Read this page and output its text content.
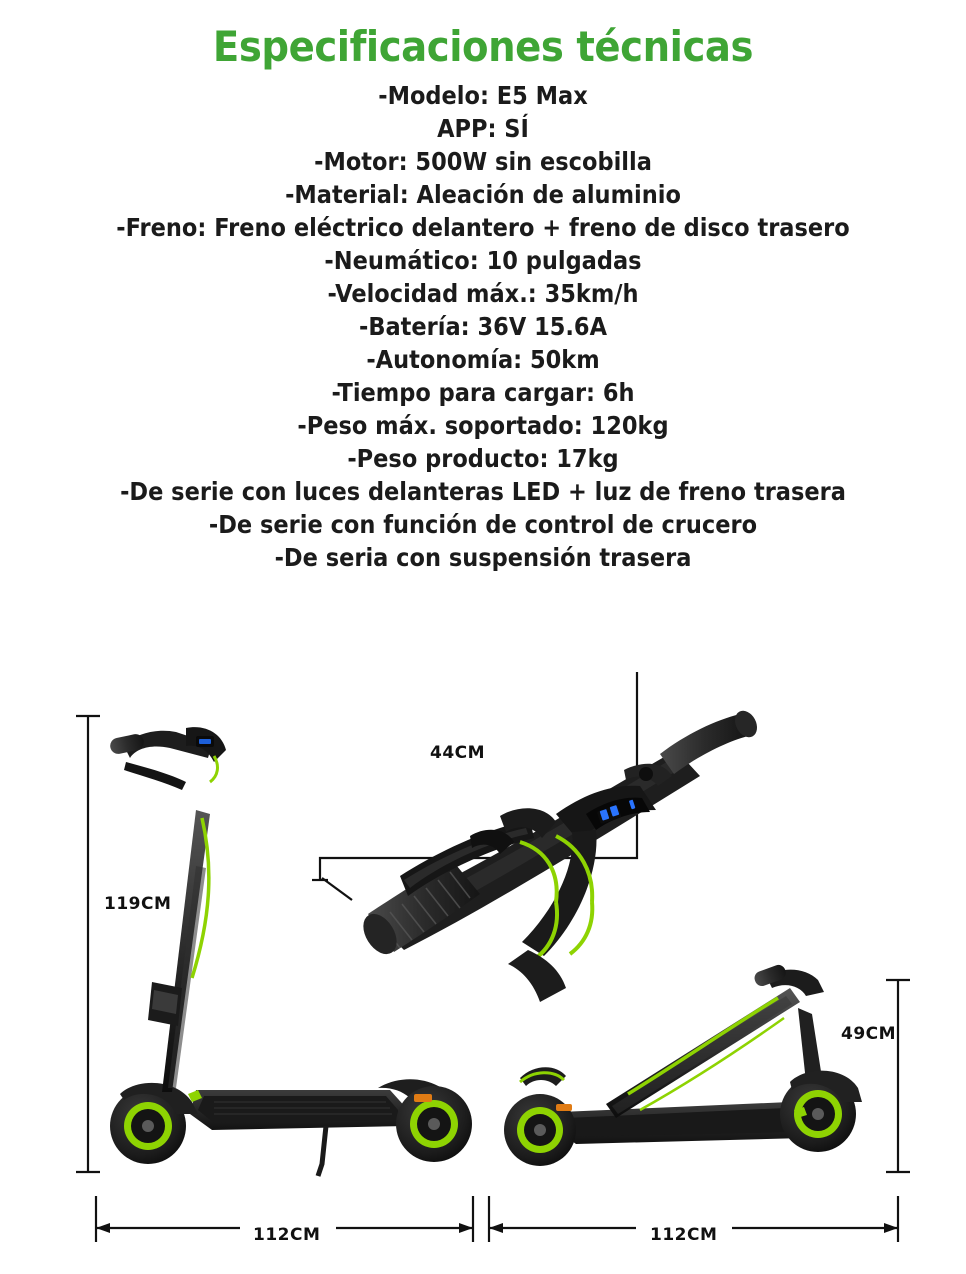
Especificaciones técnicas
-Modelo: E5 Max
APP: SÍ
-Motor: 500W sin escobilla
-Material: Aleación de aluminio
-Freno: Freno eléctrico delantero + freno de disco trasero
-Neumático: 10 pulgadas
-Velocidad máx.: 35km/h
-Batería: 36V 15.6A
-Autonomía: 50km
-Tiempo para cargar: 6h
-Peso máx. soportado: 120kg
-Peso producto: 17kg
-De serie con luces delanteras LED + luz de freno trasera
-De serie con función de control de crucero
-De seria con suspensión trasera
44CM
119CM
49CM
112CM	112CM
